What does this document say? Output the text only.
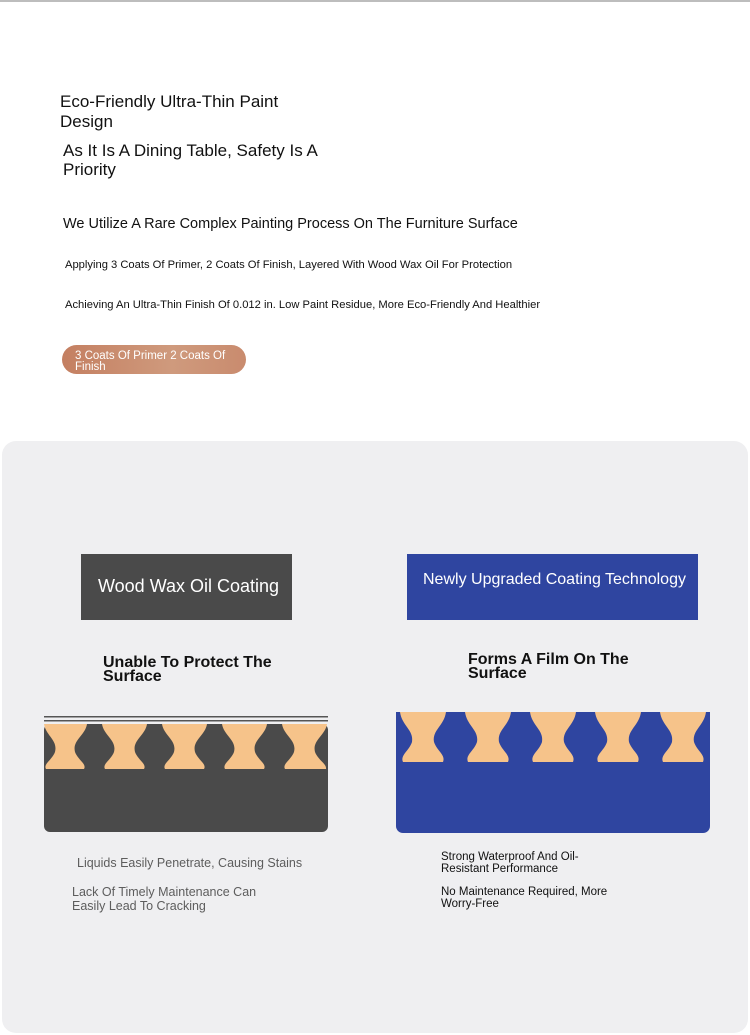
Eco-Friendly Ultra-Thin Paint Design

As It Is A Dining Table, Safety Is A Priority

We Utilize A Rare Complex Painting Process On The Furniture Surface

Applying 3 Coats Of Primer, 2 Coats Of Finish, Layered With Wood Wax Oil For Protection

Achieving An Ultra-Thin Finish Of 0.012 in. Low Paint Residue, More Eco-Friendly And Healthier

3 Coats Of Primer 2 Coats Of Finish
Wood Wax Oil Coating

Unable To Protect The Surface

Liquids Easily Penetrate, Causing Stains

Lack Of Timely Maintenance Can Easily Lead To Cracking

Newly Upgraded Coating Technology

Forms A Film On The Surface

Strong Waterproof And Oil-Resistant Performance

No Maintenance Required, More Worry-Free
